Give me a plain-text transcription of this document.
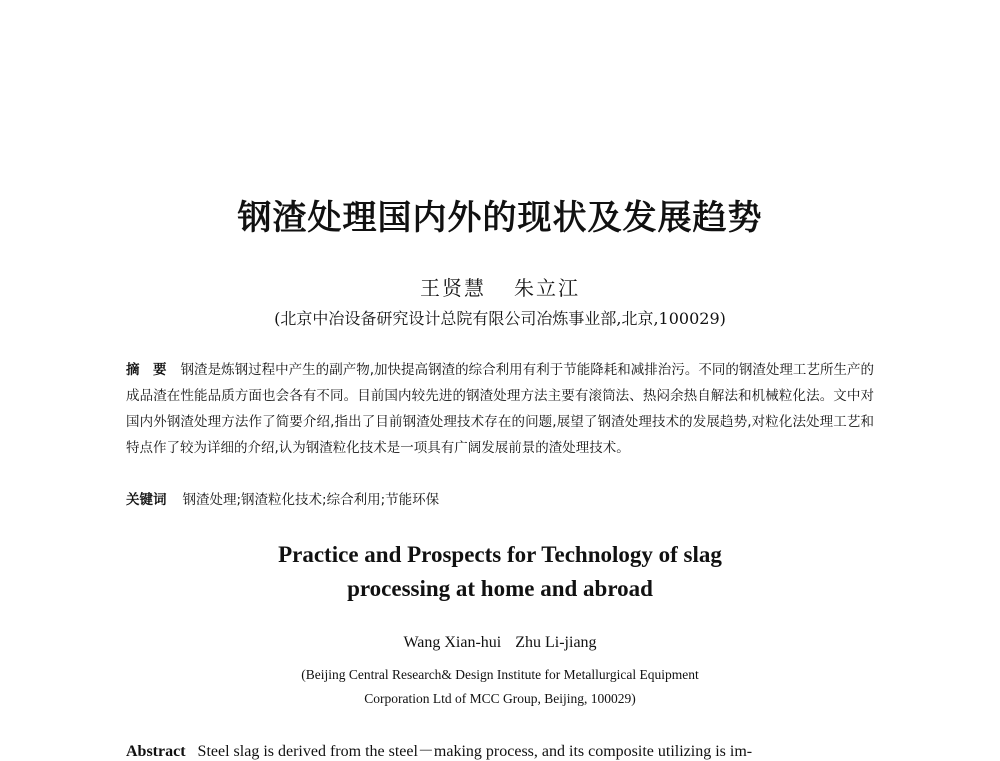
钢渣处理国内外的现状及发展趋势
王贤慧 朱立江
(北京中冶设备研究设计总院有限公司冶炼事业部,北京,100029)
摘　要 钢渣是炼钢过程中产生的副产物,加快提高钢渣的综合利用有利于节能降耗和减排治污。不同的钢渣处理工艺所生产的成品渣在性能品质方面也会各有不同。目前国内较先进的钢渣处理方法主要有滚筒法、热闷余热自解法和机械粒化法。文中对国内外钢渣处理方法作了简要介绍,指出了目前钢渣处理技术存在的问题,展望了钢渣处理技术的发展趋势,对粒化法处理工艺和特点作了较为详细的介绍,认为钢渣粒化技术是一项具有广阔发展前景的渣处理技术。
关键词 钢渣处理;钢渣粒化技术;综合利用;节能环保
Practice and Prospects for Technology of slag
processing at home and abroad
Wang Xian-hui Zhu Li-jiang
(Beijing Central Research& Design Institute for Metallurgical Equipment
Corporation Ltd of MCC Group, Beijing, 100029)
Abstract Steel slag is derived from the steel－making process, and its composite utilizing is im-
